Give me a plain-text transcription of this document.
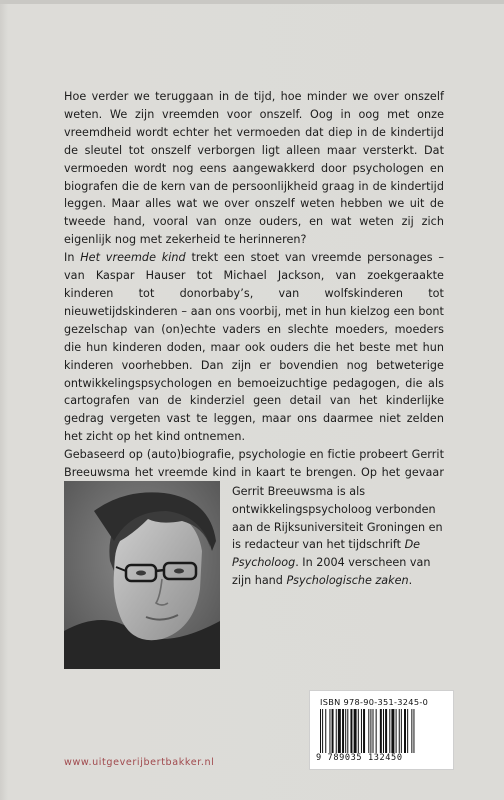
Hoe verder we teruggaan in de tijd, hoe minder we over onszelf weten. We zijn vreemden voor onszelf. Oog in oog met onze vreemdheid wordt echter het vermoeden dat diep in de kindertijd de sleutel tot onszelf verborgen ligt alleen maar versterkt. Dat vermoeden wordt nog eens aangewakkerd door psychologen en biografen die de kern van de persoonlijkheid graag in de kindertijd leggen. Maar alles wat we over onszelf weten hebben we uit de tweede hand, vooral van onze ouders, en wat weten zij zich eigenlijk nog met zekerheid te herinneren?

In Het vreemde kind trekt een stoet van vreemde personages – van Kaspar Hauser tot Michael Jackson, van zoekgeraakte kinderen tot donorbaby’s, van wolfskinderen tot nieuwetijdskinderen – aan ons voorbij, met in hun kielzog een bont gezelschap van (on)echte vaders en slechte moeders, moeders die hun kinderen doden, maar ook ouders die het beste met hun kinderen voorhebben. Dan zijn er bovendien nog betweterige ontwikkelingspsychologen en bemoeizuchtige pedagogen, die als cartografen van de kinderziel geen detail van het kinderlijke gedrag vergeten vast te leggen, maar ons daarmee niet zelden het zicht op het kind ontnemen.

Gebaseerd op (auto)biografie, psychologie en fictie probeert Gerrit Breeuwsma het vreemde kind in kaart te brengen. Op het gevaar

Gerrit Breeuwsma is als ontwikkelingspsycholoog verbonden aan de Rijksuniversiteit Groningen en is redacteur van het tijdschrift De Psycholoog. In 2004 verscheen van zijn hand Psychologische zaken.

ISBN 978-90-351-3245-0
9 789035 132450
www.uitgeverijbertbakker.nl
